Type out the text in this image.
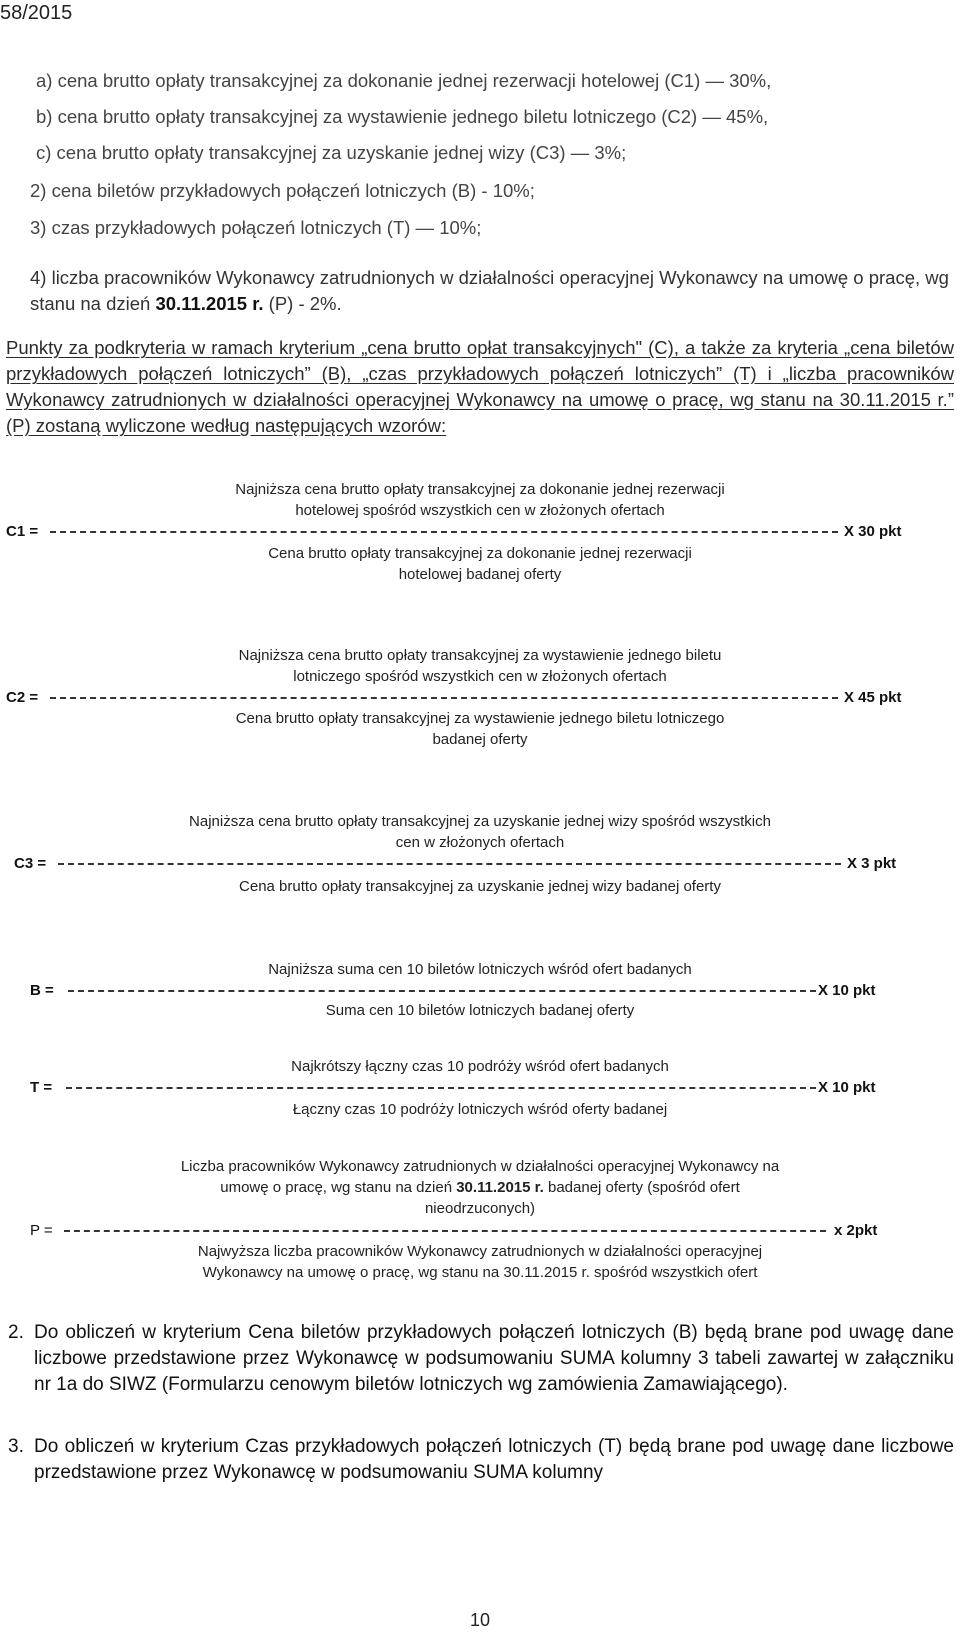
58/2015
a) cena brutto opłaty transakcyjnej za dokonanie jednej rezerwacji hotelowej (C1) — 30%,
b) cena brutto opłaty transakcyjnej za wystawienie jednego biletu lotniczego (C2) — 45%,
c) cena brutto opłaty transakcyjnej za uzyskanie jednej wizy (C3) — 3%;
2) cena biletów przykładowych połączeń lotniczych (B) - 10%;
3) czas przykładowych połączeń lotniczych (T) — 10%;
4) liczba pracowników Wykonawcy zatrudnionych w działalności operacyjnej Wykonawcy na umowę o pracę, wg stanu na dzień 30.11.2015 r. (P) - 2%.
Punkty za podkryteria w ramach kryterium „cena brutto opłat transakcyjnych" (C), a także za kryteria „cena biletów przykładowych połączeń lotniczych” (B), „czas przykładowych połączeń lotniczych” (T) i „liczba pracowników Wykonawcy zatrudnionych w działalności operacyjnej Wykonawcy na umowę o pracę, wg stanu na 30.11.2015 r.” (P) zostaną wyliczone według następujących wzorów:
Najniższa cena brutto opłaty transakcyjnej za dokonanie jednej rezerwacji
hotelowej spośród wszystkich cen w złożonych ofertach
C1 =	X 30 pkt
Cena brutto opłaty transakcyjnej za dokonanie jednej rezerwacji
hotelowej badanej oferty
Najniższa cena brutto opłaty transakcyjnej za wystawienie jednego biletu
lotniczego spośród wszystkich cen w złożonych ofertach
C2 =	X 45 pkt
Cena brutto opłaty transakcyjnej za wystawienie jednego biletu lotniczego
badanej oferty
Najniższa cena brutto opłaty transakcyjnej za uzyskanie jednej wizy spośród wszystkich
cen w złożonych ofertach
C3 =	X 3 pkt
Cena brutto opłaty transakcyjnej za uzyskanie jednej wizy badanej oferty
Najniższa suma cen 10 biletów lotniczych wśród ofert badanych
B =	X 10 pkt
Suma cen 10 biletów lotniczych badanej oferty
Najkrótszy łączny czas 10 podróży wśród ofert badanych
T =	X 10 pkt
Łączny czas 10 podróży lotniczych wśród oferty badanej
Liczba pracowników Wykonawcy zatrudnionych w działalności operacyjnej Wykonawcy na
umowę o pracę, wg stanu na dzień 30.11.2015 r. badanej oferty (spośród ofert
nieodrzuconych)
P =	x 2pkt
Najwyższa liczba pracowników Wykonawcy zatrudnionych w działalności operacyjnej
Wykonawcy na umowę o pracę, wg stanu na 30.11.2015 r. spośród wszystkich ofert
2. Do obliczeń w kryterium Cena biletów przykładowych połączeń lotniczych (B) będą brane pod uwagę dane liczbowe przedstawione przez Wykonawcę w podsumowaniu SUMA kolumny 3 tabeli zawartej w załączniku nr 1a do SIWZ (Formularzu cenowym biletów lotniczych wg zamówienia Zamawiającego).
3. Do obliczeń w kryterium Czas przykładowych połączeń lotniczych (T) będą brane pod uwagę dane liczbowe przedstawione przez Wykonawcę w podsumowaniu SUMA kolumny
10
